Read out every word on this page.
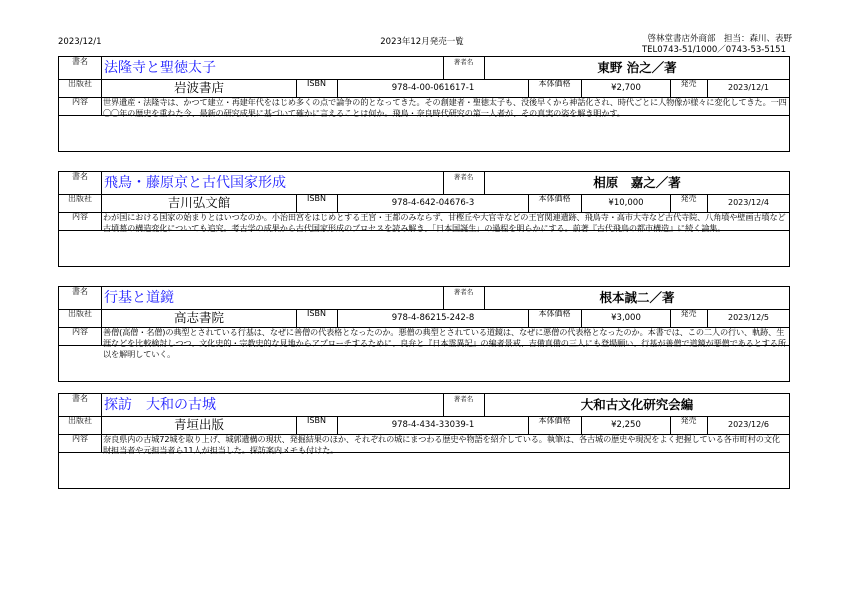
2023/12/1	2023年12月発売一覧	啓林堂書店外商部　担当：森川、表野

TEL0743-51/1000／0743-53-5151
書名	法隆寺と聖徳太子	著者名	東野 治之／著
出版社	岩波書店	ISBN	978-4-00-061617-1	本体価格	¥2,700	発売	2023/12/1
内容	世界遺産・法隆寺は、かつて建立・再建年代をはじめ多くの点で論争の的となってきた。その創建者・聖徳太子も、没後早くから神話化され、時代ごとに人物像が様々に変化してきた。一四〇〇年の歴史を重ねた今、最新の研究成果に基づいて確かに言えることは何か。飛鳥・奈良時代研究の第一人者が、その真実の姿を解き明かす。
書名	飛鳥・藤原京と古代国家形成	著者名	相原　嘉之／著
出版社	吉川弘文館	ISBN	978-4-642-04676-3	本体価格	¥10,000	発売	2023/12/4
内容	わが国における国家の始まりとはいつなのか。小治田宮をはじめとする王宮・王都のみならず、甘樫丘や大官寺などの王宮関連遺跡、飛鳥寺・高市大寺など古代寺院、八角墳や壁画古墳など古墳墓の構造変化についても追究。考古学の成果から古代国家形成のプロセスを読み解き、「日本国誕生」の過程を明らかにする。前著『古代飛鳥の都市構造』に続く論集。
書名	行基と道鏡	著者名	根本誠二／著
出版社	高志書院	ISBN	978-4-86215-242-8	本体価格	¥3,000	発売	2023/12/5
内容	善僧(高僧・名僧)の典型とされている行基は、なぜに善僧の代表格となったのか。悪僧の典型とされている道鏡は、なぜに悪僧の代表格となったのか。本書では、この二人の行い、軌跡、生涯などを比較検討しつつ、文化史的・宗教史的な見地からアプローチするために、良弁と『日本霊異記』の編者景戒、吉備真備の三人にも登場願い、行基が善僧で道鏡が悪僧であるとする所以を解明していく。
書名	探訪　大和の古城	著者名	大和古文化研究会編
出版社	青垣出版	ISBN	978-4-434-33039-1	本体価格	¥2,250	発売	2023/12/6
内容	奈良県内の古城72城を取り上げ、城郭遺構の現状、発掘結果のほか、それぞれの城にまつわる歴史や物語を紹介している。執筆は、各古城の歴史や現況をよく把握している各市町村の文化財担当者や元担当者ら11人が担当した。探訪案内メモも付けた。
